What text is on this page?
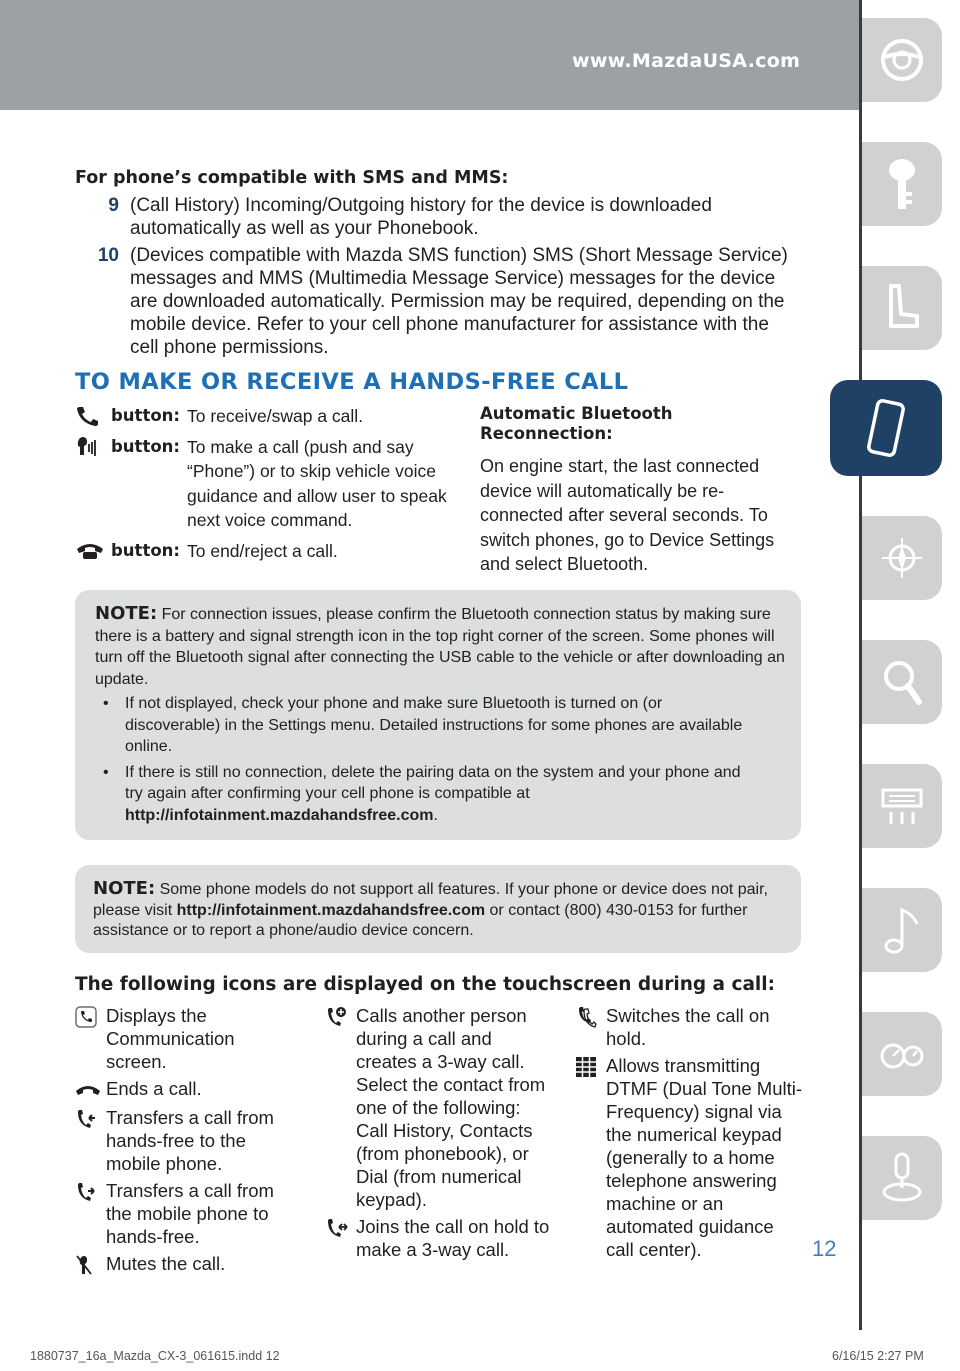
www.MazdaUSA.com
12
For phone’s compatible with SMS and MMS:
9 (Call History) Incoming/Outgoing history for the device is downloaded automatically as well as your Phonebook.
10 (Devices compatible with Mazda SMS function) SMS (Short Message Service) messages and MMS (Multimedia Message Service) messages for the device are downloaded automatically. Permission may be required, depending on the mobile device. Refer to your cell phone manufacturer for assistance with the cell phone permissions.
TO MAKE OR RECEIVE A HANDS-FREE CALL
button: To receive/swap a call.
button: To make a call (push and say “Phone”) or to skip vehicle voice guidance and allow user to speak next voice command.
button: To end/reject a call.
Automatic Bluetooth Reconnection:
On engine start, the last connected device will automatically be re-connected after several seconds. To switch phones, go to Device Settings and select Bluetooth.
NOTE: For connection issues, please confirm the Bluetooth connection status by making sure there is a battery and signal strength icon in the top right corner of the screen. Some phones will turn off the Bluetooth signal after connecting the USB cable to the vehicle or after downloading an update.
• If not displayed, check your phone and make sure Bluetooth is turned on (or discoverable) in the Settings menu. Detailed instructions for some phones are available online.
• If there is still no connection, delete the pairing data on the system and your phone and try again after confirming your cell phone is compatible at http://infotainment.mazdahandsfree.com.
NOTE: Some phone models do not support all features. If your phone or device does not pair, please visit http://infotainment.mazdahandsfree.com or contact (800) 430-0153 for further assistance or to report a phone/audio device concern.
The following icons are displayed on the touchscreen during a call:
Displays the Communication screen.
Ends a call.
Transfers a call from hands-free to the mobile phone.
Transfers a call from the mobile phone to hands-free.
Mutes the call.
Calls another person during a call and creates a 3-way call. Select the contact from one of the following: Call History, Contacts (from phonebook), or Dial (from numerical keypad).
Joins the call on hold to make a 3-way call.
Switches the call on hold.
Allows transmitting DTMF (Dual Tone Multi-Frequency) signal via the numerical keypad (generally to a home telephone answering machine or an automated guidance call center).
1880737_16a_Mazda_CX-3_061615.indd 12	6/16/15 2:27 PM
